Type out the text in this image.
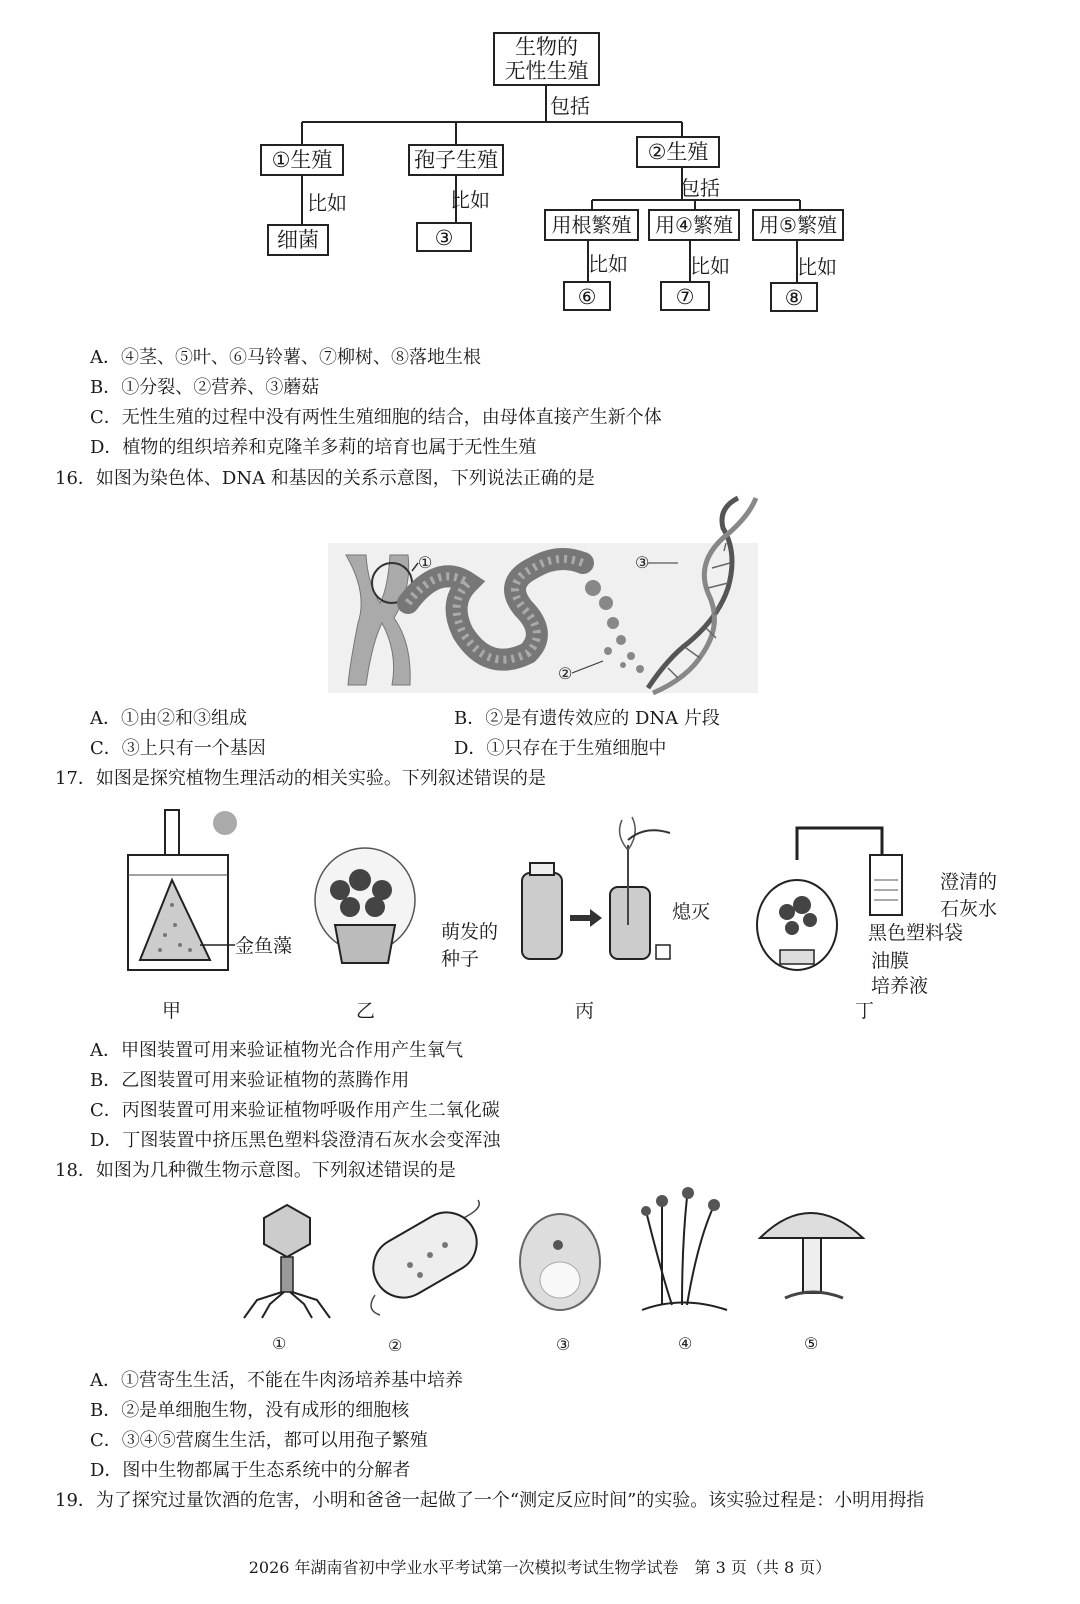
生物的
无性生殖
包括
①生殖	孢子生殖	②生殖
比如	比如	包括
细菌	③
用根繁殖	用④繁殖	用⑤繁殖
比如	比如	比如
⑥	⑦	⑧
A．④茎、⑤叶、⑥马铃薯、⑦柳树、⑧落地生根
B．①分裂、②营养、③蘑菇
C．无性生殖的过程中没有两性生殖细胞的结合，由母体直接产生新个体
D．植物的组织培养和克隆羊多莉的培育也属于无性生殖
16．如图为染色体、DNA 和基因的关系示意图，下列说法正确的是
①
②
③
A．①由②和③组成	B．②是有遗传效应的 DNA 片段
C．③上只有一个基因	D．①只存在于生殖细胞中
17．如图是探究植物生理活动的相关实验。下列叙述错误的是
金鱼藻
萌发的
种子
熄灭
澄清的
石灰水
黑色塑料袋
油膜
培养液
甲	乙	丙	丁
A．甲图装置可用来验证植物光合作用产生氧气
B．乙图装置可用来验证植物的蒸腾作用
C．丙图装置可用来验证植物呼吸作用产生二氧化碳
D．丁图装置中挤压黑色塑料袋澄清石灰水会变浑浊
18．如图为几种微生物示意图。下列叙述错误的是
①	②	③	④	⑤
A．①营寄生生活，不能在牛肉汤培养基中培养
B．②是单细胞生物，没有成形的细胞核
C．③④⑤营腐生生活，都可以用孢子繁殖
D．图中生物都属于生态系统中的分解者
19．为了探究过量饮酒的危害，小明和爸爸一起做了一个“测定反应时间”的实验。该实验过程是：小明用拇指
2026 年湖南省初中学业水平考试第一次模拟考试生物学试卷　第 3 页（共 8 页）
